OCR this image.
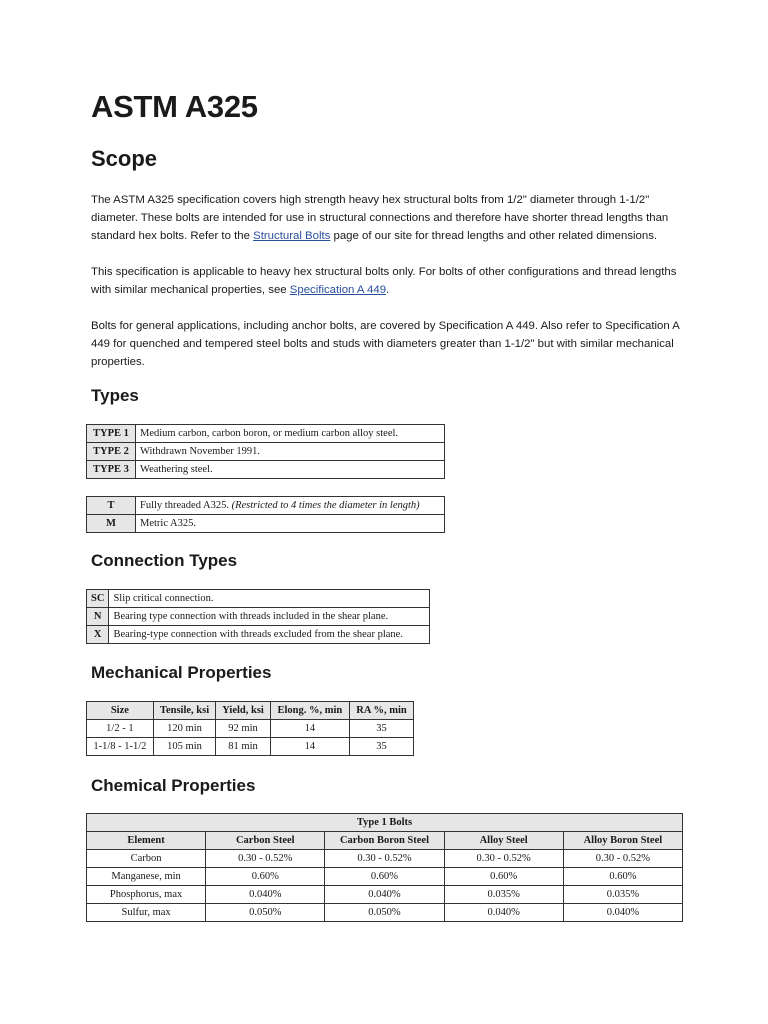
ASTM A325
Scope

The ASTM A325 specification covers high strength heavy hex structural bolts from 1/2" diameter through 1-1/2" diameter. These bolts are intended for use in structural connections and therefore have shorter thread lengths than standard hex bolts. Refer to the Structural Bolts page of our site for thread lengths and other related dimensions.

This specification is applicable to heavy hex structural bolts only. For bolts of other configurations and thread lengths with similar mechanical properties, see Specification A 449.

Bolts for general applications, including anchor bolts, are covered by Specification A 449. Also refer to Specification A 449 for quenched and tempered steel bolts and studs with diameters greater than 1-1/2" but with similar mechanical properties.

Types
TYPE 1	Medium carbon, carbon boron, or medium carbon alloy steel.
TYPE 2	Withdrawn November 1991.
TYPE 3	Weathering steel.
T	Fully threaded A325. (Restricted to 4 times the diameter in length)
M	Metric A325.
Connection Types
SC	Slip critical connection.
N	Bearing type connection with threads included in the shear plane.
X	Bearing-type connection with threads excluded from the shear plane.
Mechanical Properties
Size	Tensile, ksi	Yield, ksi	Elong. %, min	RA %, min
1/2 - 1	120 min	92 min	14	35
1-1/8 - 1-1/2	105 min	81 min	14	35
Chemical Properties
Type 1 Bolts				
Element	Carbon Steel	Carbon Boron Steel	Alloy Steel	Alloy Boron Steel
Carbon	0.30 - 0.52%	0.30 - 0.52%	0.30 - 0.52%	0.30 - 0.52%
Manganese, min	0.60%	0.60%	0.60%	0.60%
Phosphorus, max	0.040%	0.040%	0.035%	0.035%
Sulfur, max	0.050%	0.050%	0.040%	0.040%
